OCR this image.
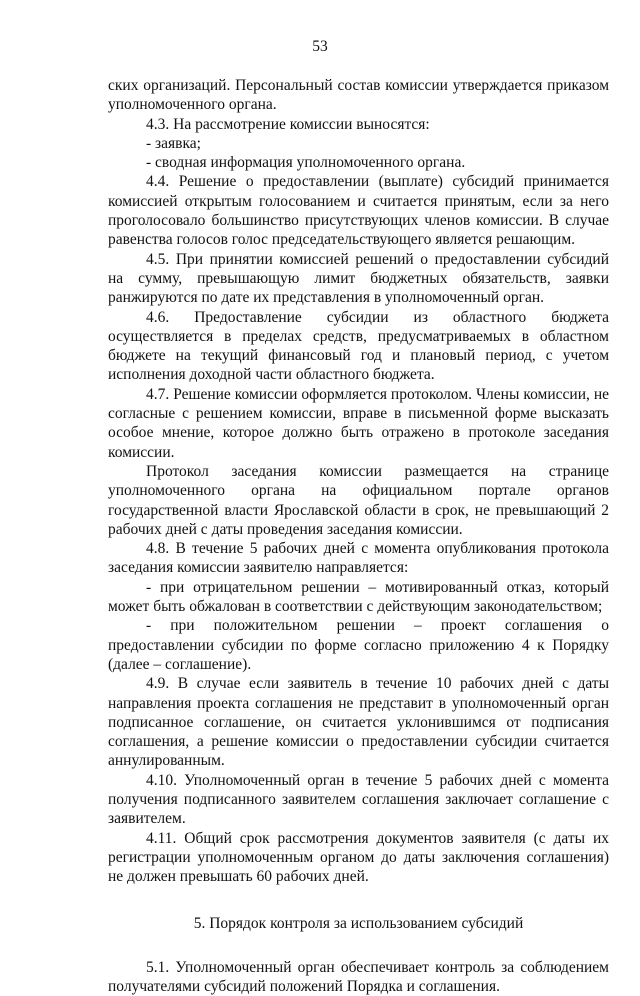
53

ских организаций. Персональный состав комиссии утверждается приказом уполномоченного органа.

4.3. На рассмотрение комиссии выносятся:

- заявка;

- сводная информация уполномоченного органа.

4.4. Решение о предоставлении (выплате) субсидий принимается комиссией открытым голосованием и считается принятым, если за него проголосовало большинство присутствующих членов комиссии. В случае равенства голосов голос председательствующего является решающим.

4.5. При принятии комиссией решений о предоставлении субсидий на сумму, превышающую лимит бюджетных обязательств, заявки ранжируются по дате их представления в уполномоченный орган.

4.6. Предоставление субсидии из областного бюджета осуществляется в пределах средств, предусматриваемых в областном бюджете на текущий финансовый год и плановый период, с учетом исполнения доходной части областного бюджета.

4.7. Решение комиссии оформляется протоколом. Члены комиссии, не согласные с решением комиссии, вправе в письменной форме высказать особое мнение, которое должно быть отражено в протоколе заседания комиссии.

Протокол заседания комиссии размещается на странице уполномоченного органа на официальном портале органов государственной власти Ярославской области в срок, не превышающий 2 рабочих дней с даты проведения заседания комиссии.

4.8. В течение 5 рабочих дней с момента опубликования протокола заседания комиссии заявителю направляется:

- при отрицательном решении – мотивированный отказ, который может быть обжалован в соответствии с действующим законодательством;

- при положительном решении – проект соглашения о предоставлении субсидии по форме согласно приложению 4 к Порядку (далее – соглашение).

4.9. В случае если заявитель в течение 10 рабочих дней с даты направления проекта соглашения не представит в уполномоченный орган подписанное соглашение, он считается уклонившимся от подписания соглашения, а решение комиссии о предоставлении субсидии считается аннулированным.

4.10. Уполномоченный орган в течение 5 рабочих дней с момента получения подписанного заявителем соглашения заключает соглашение с заявителем.

4.11. Общий срок рассмотрения документов заявителя (с даты их регистрации уполномоченным органом до даты заключения соглашения) не должен превышать 60 рабочих дней.

5. Порядок контроля за использованием субсидий

5.1. Уполномоченный орган обеспечивает контроль за соблюдением получателями субсидий положений Порядка и соглашения.
